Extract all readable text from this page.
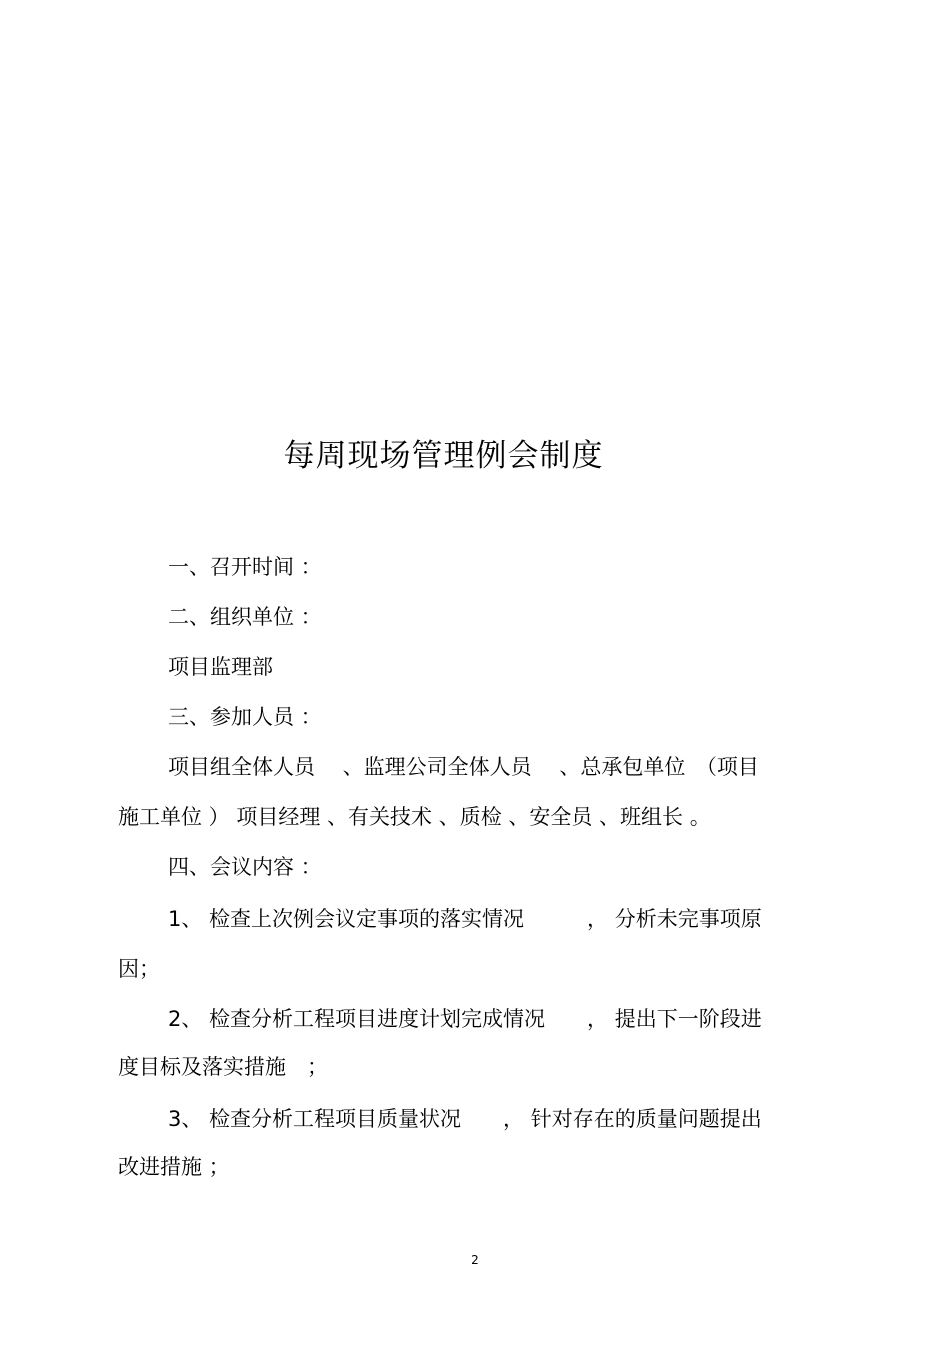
每周现场管理例会制度
一、召开时间 ：
二、组织单位 ：
项目监理部
三、参加人员 ：
项目组全体人员　 、监理公司全体人员　 、总承包单位　（项目
施工单位 ） 项目经理 、有关技术 、质检 、安全员 、班组长 。
四、会议内容 ：
1、 检查上次例会议定事项的落实情况　　　， 分析未完事项原
因；
2、 检查分析工程项目进度计划完成情况　　， 提出下一阶段进
度目标及落实措施　；
3、 检查分析工程项目质量状况　　， 针对存在的质量问题提出
改进措施 ；
2
